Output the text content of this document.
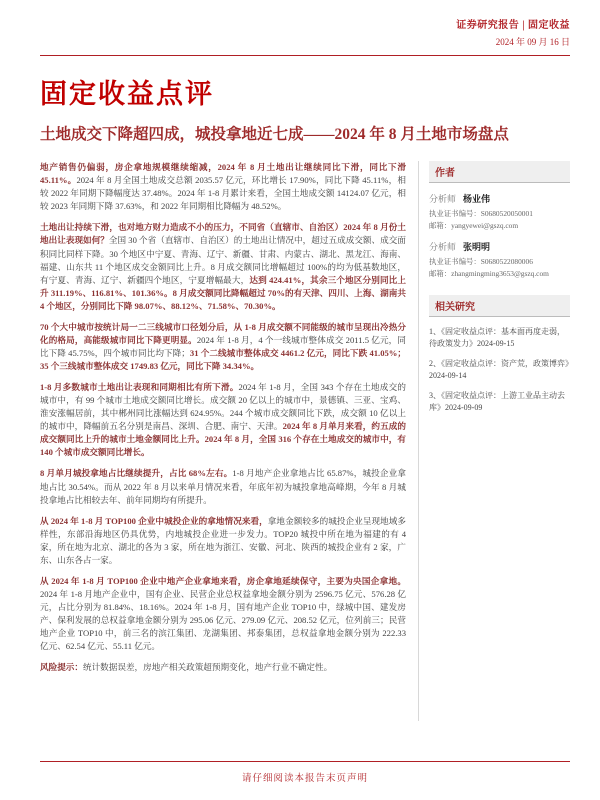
证券研究报告 | 固定收益
2024 年 09 月 16 日
固定收益点评
土地成交下降超四成，城投拿地近七成——2024 年 8 月土地市场盘点

地产销售仍偏弱，房企拿地规模继续缩减，2024 年 8 月土地出让继续同比下滑，同比下滑 45.11%。2024 年 8 月全国土地成交总额 2035.57 亿元，环比增长 17.90%，同比下降 45.11%，相较 2022 年同期下降幅度达 37.48%。2024 年 1-8 月累计来看，全国土地成交额 14124.07 亿元，相较 2023 年同期下降 37.63%，和 2022 年同期相比降幅为 48.52%。

土地出让持续下滑，也对地方财力造成不小的压力，不同省（直辖市、自治区）2024 年 8 月份土地出让表现如何？全国 30 个省（直辖市、自治区）的土地出让情况中，超过五成成交额、成交面积同比同样下降。30 个地区中宁夏、青海、辽宁、新疆、甘肃、内蒙古、湖北、黑龙江、海南、福建、山东共 11 个地区成交金额同比上升。8 月成交额同比增幅超过 100%的均为低基数地区，有宁夏、青海、辽宁、新疆四个地区，宁夏增幅最大，达到 424.41%，其余三个地区分别同比上升 311.19%、116.81%、101.36%。8 月成交额同比降幅超过 70%的有天津、四川、上海、湖南共 4 个地区，分别同比下降 98.07%、88.12%、71.58%、70.30%。

70 个大中城市按统计局一二三线城市口径划分后，从 1-8 月成交额不同能级的城市呈现出冷热分化的格局，高能级城市同比下降更明显。2024 年 1-8 月，4 个一线城市整体成交 2011.5 亿元，同比下降 45.75%，四个城市同比均下降；31 个二线城市整体成交 4461.2 亿元，同比下跌 41.05%；35 个三线城市整体成交 1749.83 亿元，同比下降 34.34%。

1-8 月多数城市土地出让表现和同期相比有所下滑。2024 年 1-8 月，全国 343 个存在土地成交的城市中，有 99 个城市土地成交额同比增长。成交额 20 亿以上的城市中，景德镇、三亚、宝鸡、淮安涨幅居前，其中郴州同比涨幅达到 624.95%。244 个城市成交额同比下跌，成交额 10 亿以上的城市中，降幅前五名分别是南昌、深圳、合肥、南宁、天津。2024 年 8 月单月来看，约五成的成交额同比上升的城市土地金额同比上升。2024 年 8 月，全国 316 个存在土地成交的城市中，有 140 个城市成交额同比增长。

8 月单月城投拿地占比继续提升，占比 68%左右。1-8 月地产企业拿地占比 65.87%，城投企业拿地占比 30.54%。而从 2022 年 8 月以来单月情况来看，年底年初为城投拿地高峰期，今年 8 月城投拿地占比相较去年、前年同期均有所提升。

从 2024 年 1-8 月 TOP100 企业中城投企业的拿地情况来看，拿地金额较多的城投企业呈现地域多样性，东部沿海地区仍具优势，内地城投企业进一步发力。TOP20 城投中所在地为福建的有 4 家，所在地为北京、湖北的各为 3 家，所在地为浙江、安徽、河北、陕西的城投企业有 2 家，广东、山东各占一家。

从 2024 年 1-8 月 TOP100 企业中地产企业拿地来看，房企拿地延续保守，主要为央国企拿地。2024 年 1-8 月地产企业中，国有企业、民营企业总权益拿地金额分别为 2596.75 亿元、576.28 亿元，占比分别为 81.84%、18.16%。2024 年 1-8 月，国有地产企业 TOP10 中，绿城中国、建发房产、保利发展的总权益拿地金额分别为 295.06 亿元、279.09 亿元、208.52 亿元，位列前三；民营地产企业 TOP10 中，前三名的滨江集团、龙湖集团、邦泰集团，总权益拿地金额分别为 222.33 亿元、62.54 亿元、55.11 亿元。

风险提示：统计数据误差，房地产相关政策超预期变化，地产行业不确定性。

作者
分析师 杨业伟
执业证书编号：S0680520050001
邮箱：yangyewei@gszq.com
分析师 张明明
执业证书编号：S0680522080006
邮箱：zhangmingming3653@gszq.com
相关研究
1、《固定收益点评：基本面再度走弱，待政策发力》2024-09-15
2、《固定收益点评：资产荒，政策博弈》2024-09-14
3、《固定收益点评：上游工业品主动去库》2024-09-09
请仔细阅读本报告末页声明
